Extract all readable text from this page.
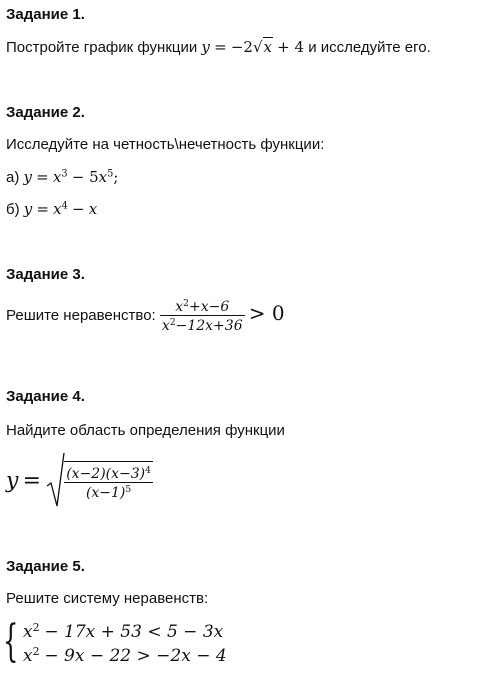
Задание 1.
Постройте график функции y = −2√x + 4 и исследуйте его.
Задание 2.
Исследуйте на четность\нечетность функции:
а) $y = x^3 - 5x^5$;
б) $y = x^4 - x$
Задание 3.
Решите неравенство: $\frac{x^2+x-6}{x^2-12x+36} > 0$
Задание 4.
Найдите область определения функции
$y = \frac{(x-2)(x-3)^4}{(x-1)^5}$
Задание 5.
Решите систему неравенств:
{ $x^2 - 17x + 53 < 5 - 3x$
$x^2 - 9x - 22 > -2x - 4$
